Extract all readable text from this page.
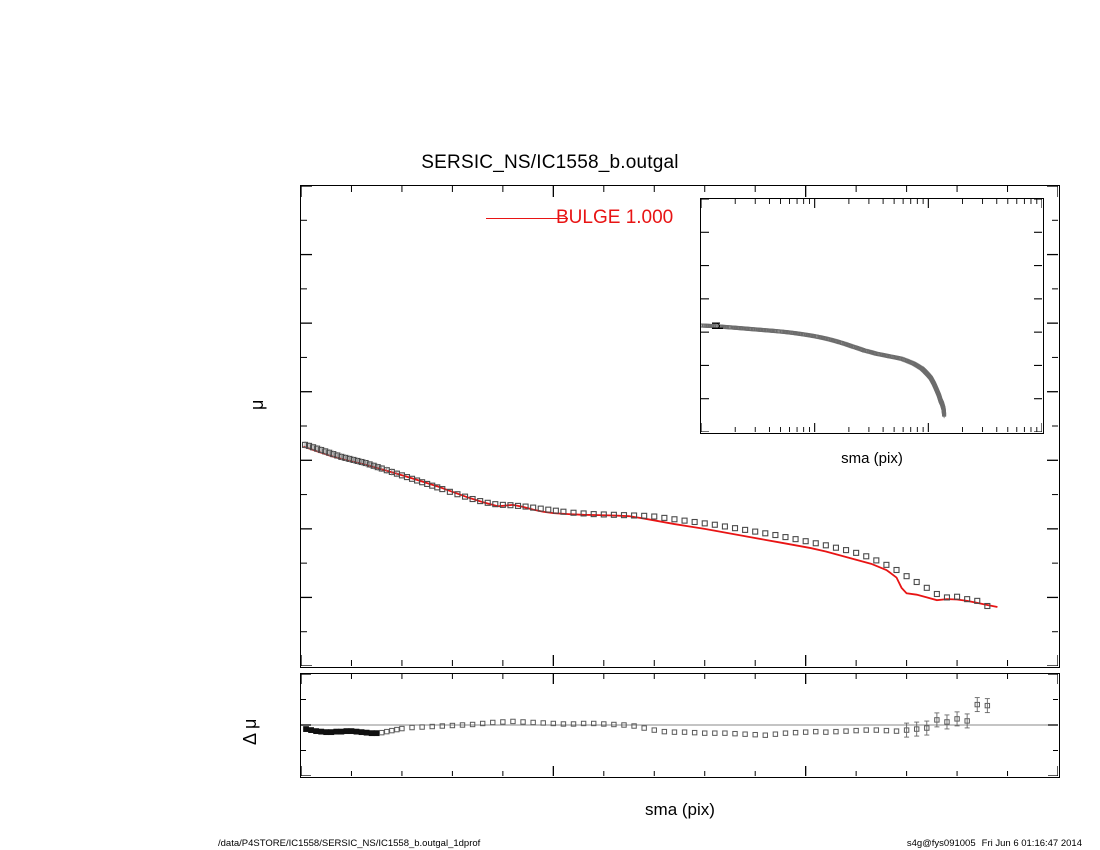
SERSIC_NS/IC1558_b.outgal
BULGE 1.000
μ
Δ μ
sma (pix)
μ
sma (pix)
/data/P4STORE/IC1558/SERSIC_NS/IC1558_b.outgal_1dprof	s4g@fys091005 Fri Jun 6 01:16:47 2014
